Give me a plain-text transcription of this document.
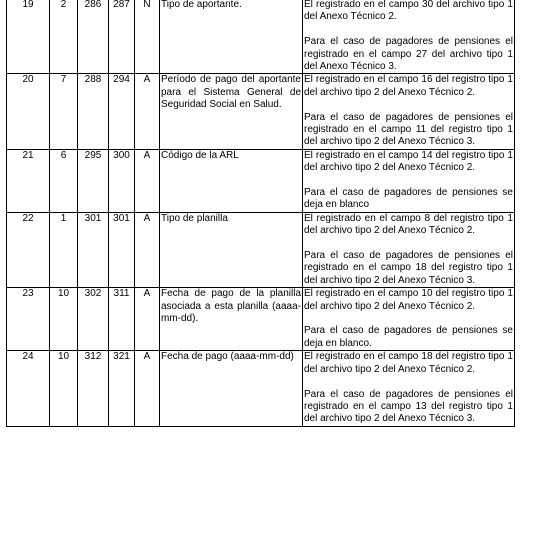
19	2	286	287	N	Tipo de aportante.	El registrado en el campo 30 del archivo tipo 1 del Anexo Técnico 2.
Para el caso de pagadores de pensiones el registrado en el campo 27 del archivo tipo 1 del Anexo Técnico 3.

20	7	288	294	A	Período de pago del aportante para el Sistema General de Seguridad Social en Salud.	El registrado en el campo 16 del registro tipo 1 del archivo tipo 2 del Anexo Técnico 2.
Para el caso de pagadores de pensiones el registrado en el campo 11 del registro tipo 1 del archivo tipo 2 del Anexo Técnico 3.

21	6	295	300	A	Código de la ARL	El registrado en el campo 14 del registro tipo 1 del archivo tipo 2 del Anexo Técnico 2.
Para el caso de pagadores de pensiones se deja en blanco

22	1	301	301	A	Tipo de planilla	El registrado en el campo 8 del registro tipo 1 del archivo tipo 2 del Anexo Técnico 2.
Para el caso de pagadores de pensiones el registrado en el campo 18 del registro tipo 1 del archivo tipo 2 del Anexo Técnico 3.

23	10	302	311	A	Fecha de pago de la planilla asociada a esta planilla (aaaa-mm-dd).	El registrado en el campo 10 del registro tipo 1 del archivo tipo 2 del Anexo Técnico 2.
Para el caso de pagadores de pensiones se deja en blanco.

24	10	312	321	A	Fecha de pago (aaaa-mm-dd)	El registrado en el campo 18 del registro tipo 1 del archivo tipo 2 del Anexo Técnico 2.
Para el caso de pagadores de pensiones el registrado en el campo 13 del registro tipo 1 del archivo tipo 2 del Anexo Técnico 3.
